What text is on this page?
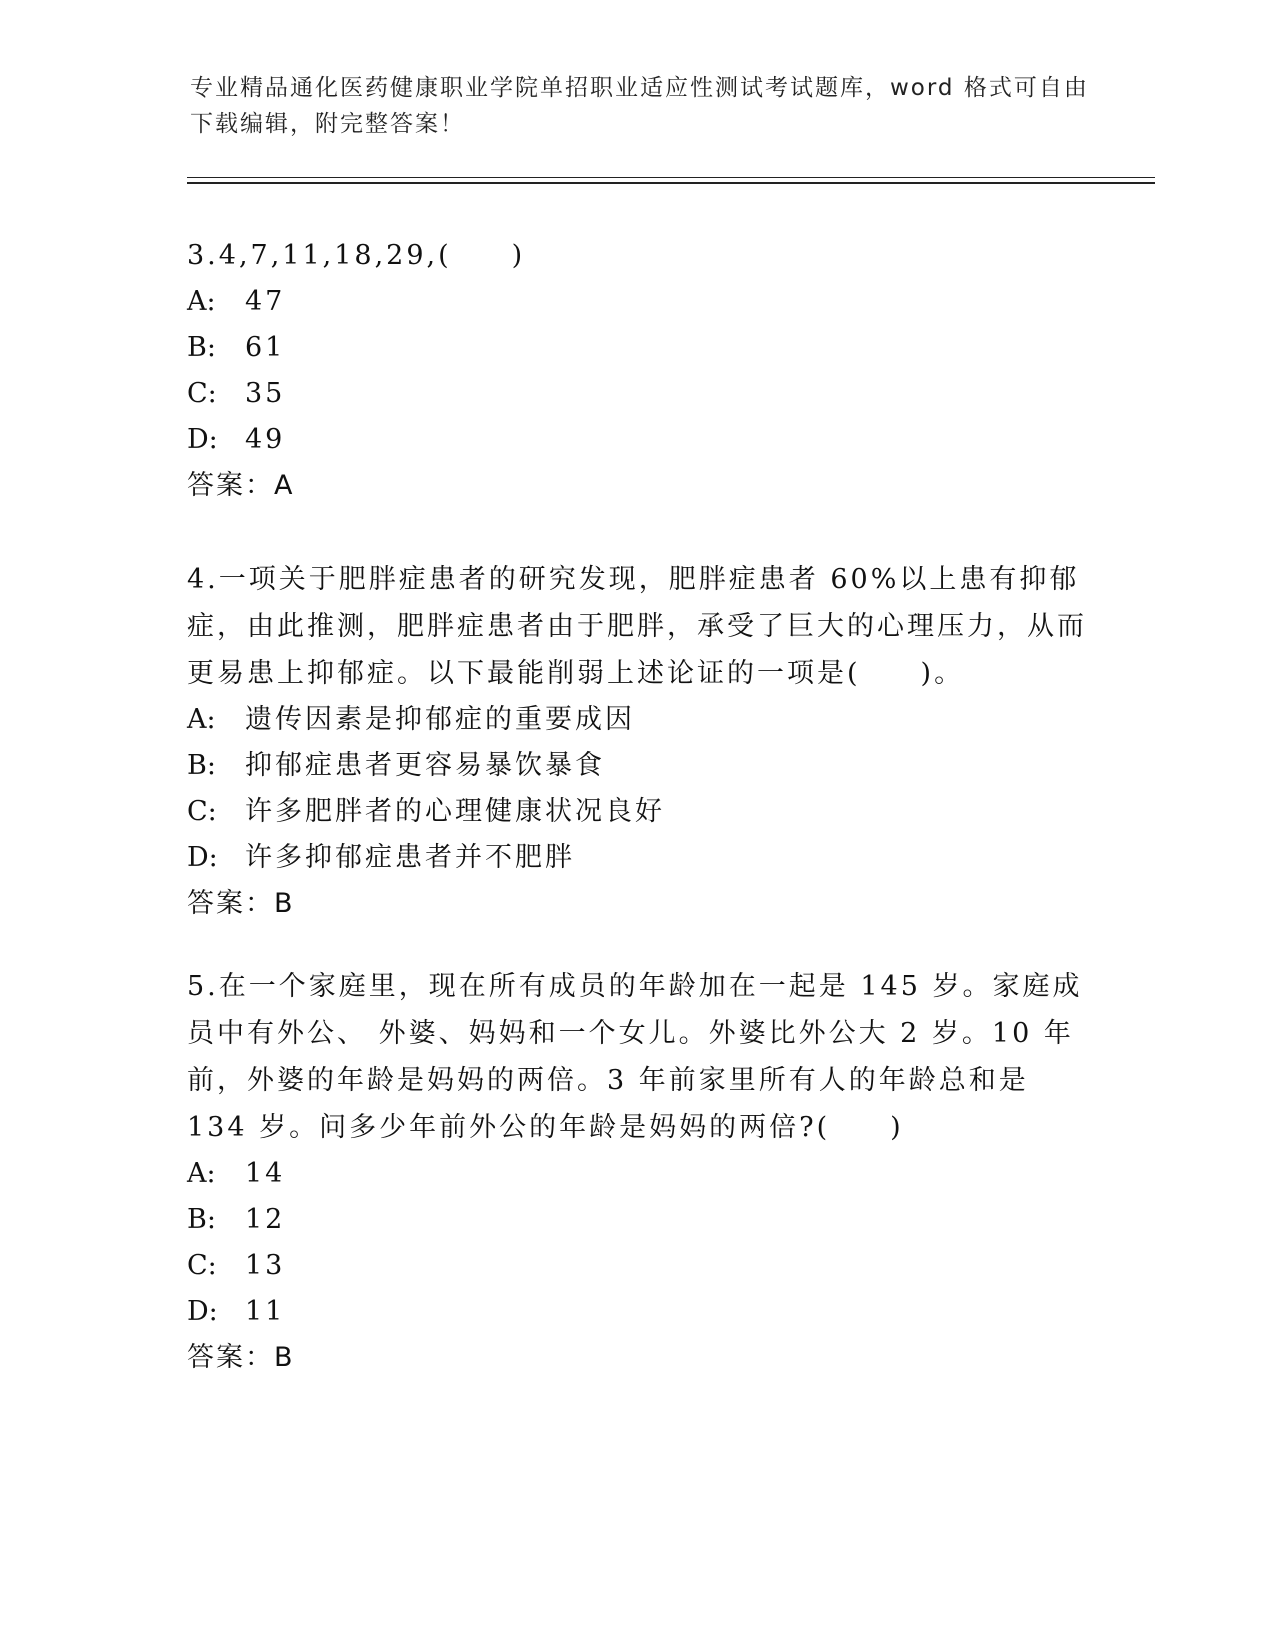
专业精品通化医药健康职业学院单招职业适应性测试考试题库，word 格式可自由下载编辑，附完整答案！

3.4,7,11,18,29,(　　)

A: 47

B: 61

C: 35

D: 49

答案：A

4.一项关于肥胖症患者的研究发现，肥胖症患者 60%以上患有抑郁症，由此推测，肥胖症患者由于肥胖，承受了巨大的心理压力，从而更易患上抑郁症。以下最能削弱上述论证的一项是(　　)。

A: 遗传因素是抑郁症的重要成因

B: 抑郁症患者更容易暴饮暴食

C: 许多肥胖者的心理健康状况良好

D: 许多抑郁症患者并不肥胖

答案：B

5.在一个家庭里，现在所有成员的年龄加在一起是 145 岁。家庭成员中有外公、 外婆、妈妈和一个女儿。外婆比外公大 2 岁。10 年前，外婆的年龄是妈妈的两倍。3 年前家里所有人的年龄总和是 134 岁。问多少年前外公的年龄是妈妈的两倍?(　　)

A: 14

B: 12

C: 13

D: 11

答案：B
